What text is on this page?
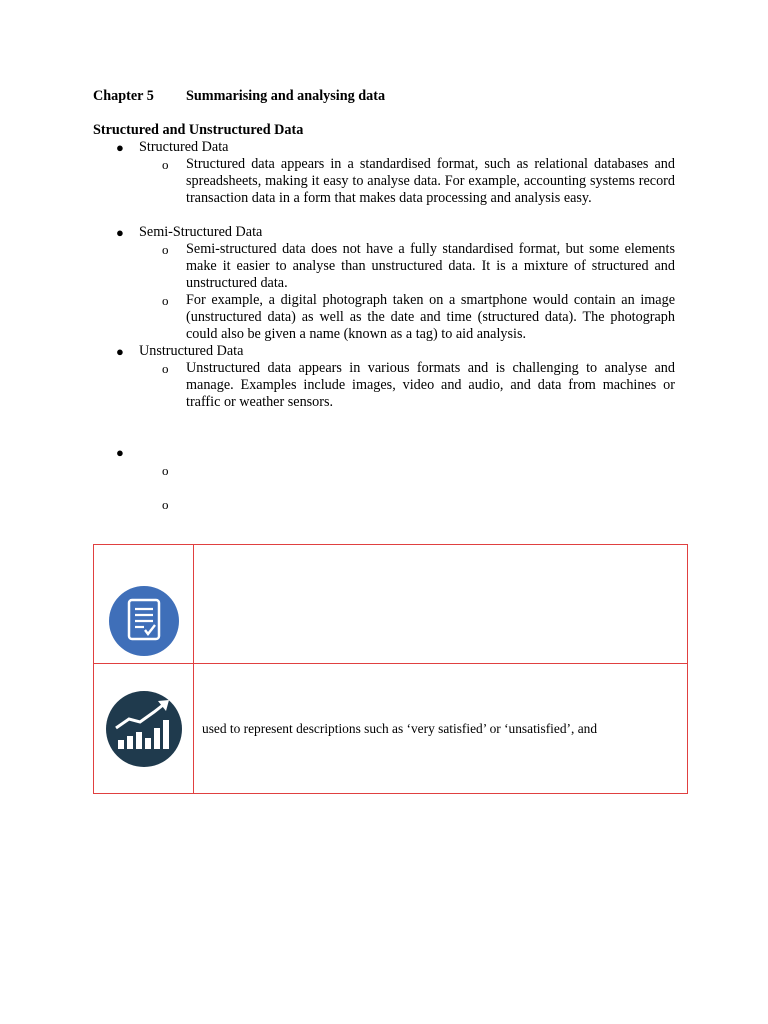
Chapter 5 Summarising and analysing data
Structured and Unstructured Data
● Structured Data
o Structured data appears in a standardised format, such as relational databases and spreadsheets, making it easy to analyse data. For example, accounting systems record transaction data in a form that makes data processing and analysis easy.
● Semi-Structured Data
o Semi-structured data does not have a fully standardised format, but some elements make it easier to analyse than unstructured data. It is a mixture of structured and unstructured data.
o For example, a digital photograph taken on a smartphone would contain an image (unstructured data) as well as the date and time (structured data). The photograph could also be given a name (known as a tag) to aid analysis.
● Unstructured Data
o Unstructured data appears in various formats and is challenging to analyse and manage. Examples include images, video and audio, and data from machines or traffic or weather sensors.
●
o
o

	used to represent descriptions such as ‘very satisfied’ or ‘unsatisfied’, and
